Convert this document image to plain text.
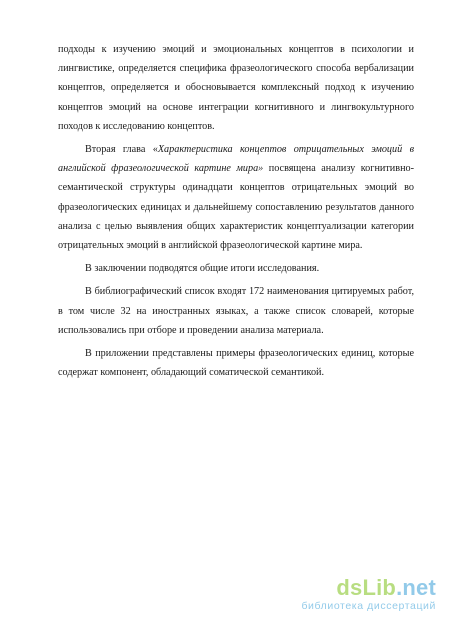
подходы к изучению эмоций и эмоциональных концептов в психологии и лингвистике, определяется специфика фразеологического способа вербализации концептов, определяется и обосновывается комплексный подход к изучению концептов эмоций на основе интеграции когнитивного и лингвокультурного походов к исследованию концептов.

Вторая глава «Характеристика концептов отрицательных эмоций в английской фразеологической картине мира» посвящена анализу когнитивно-семантической структуры одинадцати концептов отрицательных эмоций во фразеологических единицах и дальнейшему сопоставлению результатов данного анализа с целью выявления общих характеристик концептуализации категории отрицательных эмоций в английской фразеологической картине мира.

В заключении подводятся общие итоги исследования.

В библиографический список входят 172 наименования цитируемых работ, в том числе 32 на иностранных языках, а также список словарей, которые использовались при отборе и проведении анализа материала.

В приложении представлены примеры фразеологических единиц, которые содержат компонент, обладающий соматической семантикой.

dsLib.net
библиотека диссертаций
